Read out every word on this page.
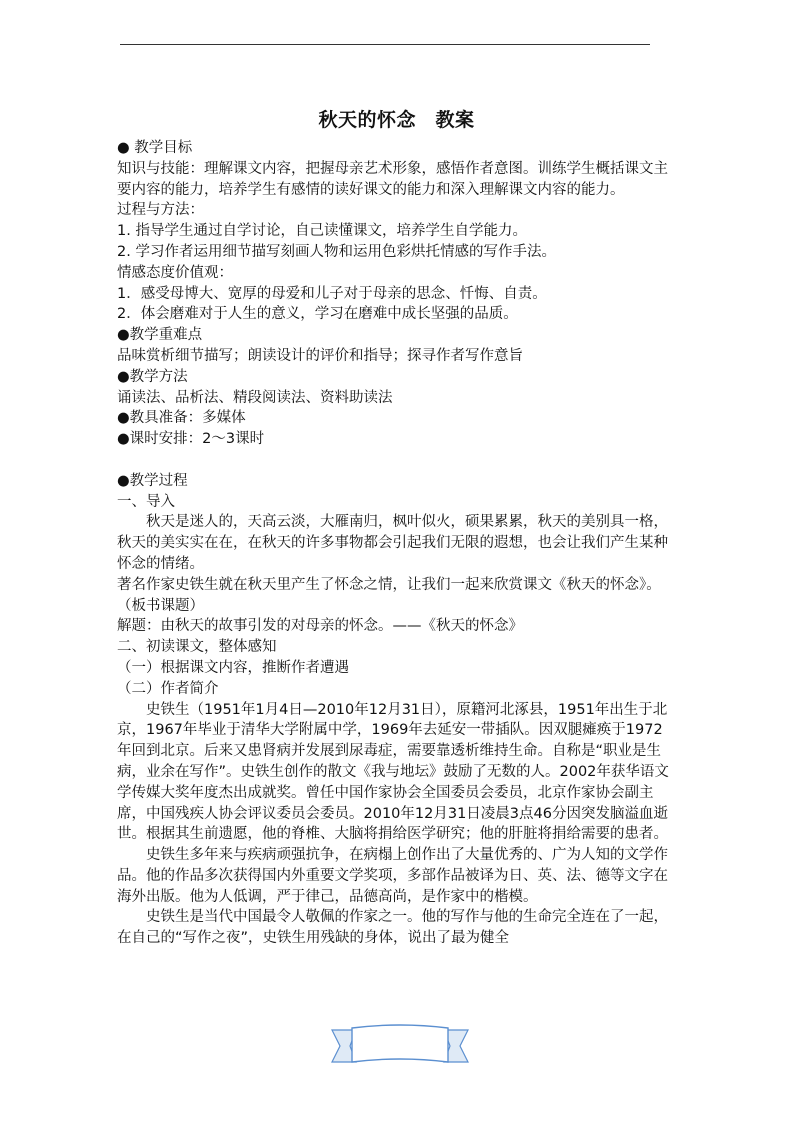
秋天的怀念　教案

● 教学目标

知识与技能：理解课文内容，把握母亲艺术形象，感悟作者意图。训练学生概括课文主要内容的能力，培养学生有感情的读好课文的能力和深入理解课文内容的能力。

过程与方法：

1. 指导学生通过自学讨论，自己读懂课文，培养学生自学能力。

2. 学习作者运用细节描写刻画人物和运用色彩烘托情感的写作手法。

情感态度价值观：

1．感受母博大、宽厚的母爱和儿子对于母亲的思念、忏悔、自责。

2．体会磨难对于人生的意义，学习在磨难中成长坚强的品质。

●教学重难点

品味赏析细节描写；朗读设计的评价和指导；探寻作者写作意旨

●教学方法

诵读法、品析法、精段阅读法、资料助读法

●教具准备：多媒体

●课时安排：2～3课时

●教学过程

一、导入

秋天是迷人的，天高云淡，大雁南归，枫叶似火，硕果累累，秋天的美别具一格，秋天的美实实在在，在秋天的许多事物都会引起我们无限的遐想，也会让我们产生某种怀念的情绪。

著名作家史铁生就在秋天里产生了怀念之情，让我们一起来欣赏课文《秋天的怀念》。（板书课题）

解题：由秋天的故事引发的对母亲的怀念。——《秋天的怀念》

二、初读课文，整体感知

（一）根据课文内容，推断作者遭遇

（二）作者简介

史铁生（1951年1月4日—2010年12月31日），原籍河北涿县，1951年出生于北京，1967年毕业于清华大学附属中学，1969年去延安一带插队。因双腿瘫痪于1972年回到北京。后来又患肾病并发展到尿毒症，需要靠透析维持生命。自称是“职业是生病，业余在写作”。史铁生创作的散文《我与地坛》鼓励了无数的人。2002年获华语文学传媒大奖年度杰出成就奖。曾任中国作家协会全国委员会委员，北京作家协会副主席，中国残疾人协会评议委员会委员。2010年12月31日凌晨3点46分因突发脑溢血逝世。根据其生前遗愿，他的脊椎、大脑将捐给医学研究；他的肝脏将捐给需要的患者。

史铁生多年来与疾病顽强抗争，在病榻上创作出了大量优秀的、广为人知的文学作品。他的作品多次获得国内外重要文学奖项，多部作品被译为日、英、法、德等文字在海外出版。他为人低调，严于律己，品德高尚，是作家中的楷模。

史铁生是当代中国最令人敬佩的作家之一。他的写作与他的生命完全连在了一起，在自己的“写作之夜”，史铁生用残缺的身体，说出了最为健全
